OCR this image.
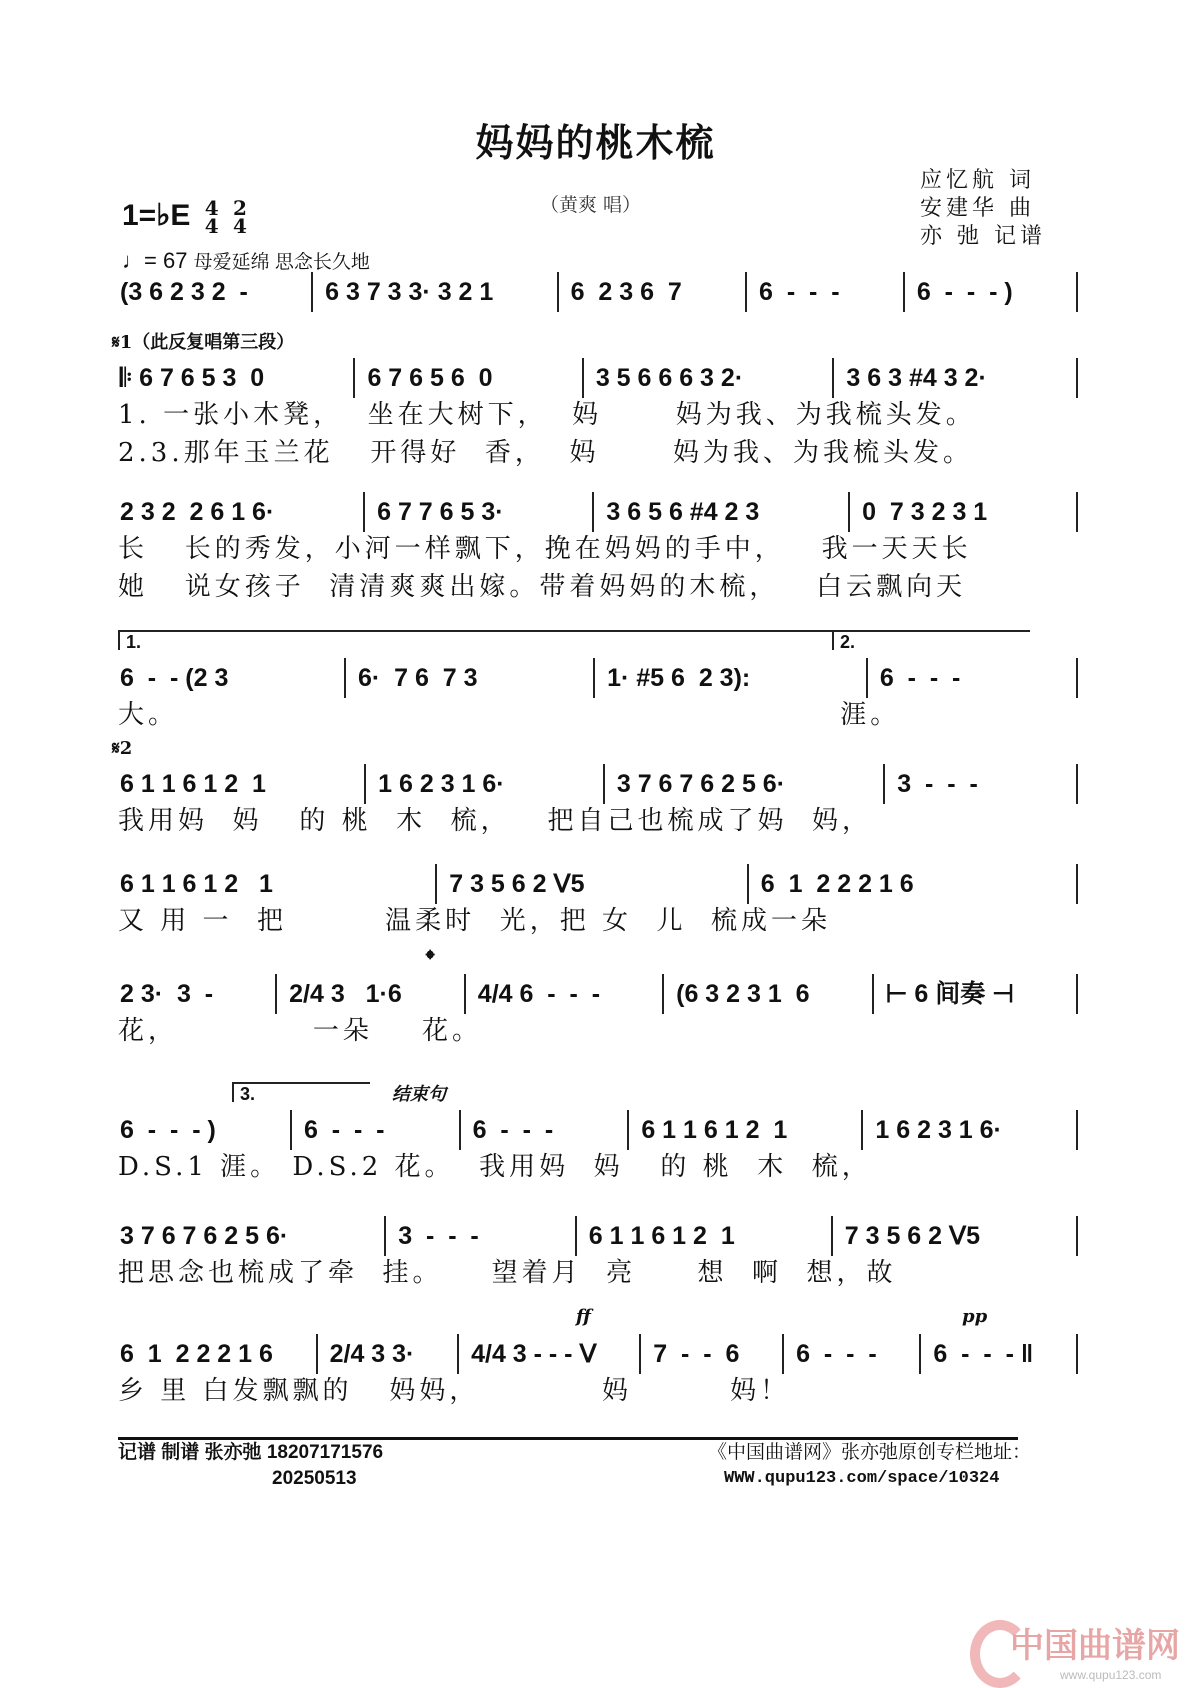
妈妈的桃木梳
（黄爽 唱）
应忆航 词
安建华 曲
亦 弛 记谱
1=♭E 4
4 2
4
♩= 67 母爱延绵 思念长久地
(3 6 2 3 2  -	6 3 7 3 3· 3 2 1	6  2 3 6  7	6  -  -  -	6  -  -  - )
𝄋1（此反复唱第三段）
𝄆 6 7 6 5 3  0	6 7 6 5 6  0	3 5 6 6 6 3 2·	3 6 3 #4 3 2·
1. 一张小木凳，  坐在大树下，  妈      妈为我、为我梳头发。
2.3.那年玉兰花   开得好  香，  妈      妈为我、为我梳头发。
2 3 2  2 6 1 6·	6 7 7 6 5 3·	3 6 5 6 #4 2 3	0  7 3 2 3 1
长   长的秀发，小河一样飘下，挽在妈妈的手中，   我一天天长
她   说女孩子  清清爽爽出嫁。带着妈妈的木梳，   白云飘向天
1.	2.
6  -  - (2 3	6·  7 6  7 3	1· #5 6  2 3):	6  -  -  -
大。                                                      涯。
𝄋2
6 1 1 6 1 2  1	1 6 2 3 1 6·	3 7 6 7 6 2 5 6·	3  -  -  -
我用妈  妈   的 桃  木  梳，   把自己也梳成了妈  妈，
6 1 1 6 1 2   1	7 3 5 6 2 ᐯ5	6  1  2 2 2 1 6
又 用 一  把        温柔时  光，把 女  儿  梳成一朵
𝄌
2 3·  3  -	2/4 3   1·6	4/4 6  -  -  -	(6 3 2 3 1  6	⊢ 6 间奏 ⊣
花，           一朵    花。
3.	结束句
6  -  -  - )	6  -  -  -	6  -  -  -	6 1 1 6 1 2  1	1 6 2 3 1 6·
D.S.1 涯。 D.S.2 花。  我用妈  妈   的 桃  木  梳，
3 7 6 7 6 2 5 6·	3  -  -  -	6 1 1 6 1 2  1	7 3 5 6 2 ᐯ5
把思念也梳成了牵  挂。    望着月  亮     想  啊  想，故
ff	pp
6  1  2 2 2 1 6	2/4 3 3·	4/4 3 - - - ᐯ	7  -  -  6	6  -  -  -	6  -  -  - ‖
乡 里 白发飘飘的   妈妈，          妈        妈！
记谱 制谱 张亦弛 18207171576
20250513
《中国曲谱网》张亦弛原创专栏地址：
WWW.qupu123.com/space/10324
中国曲谱网
www.qupu123.com
